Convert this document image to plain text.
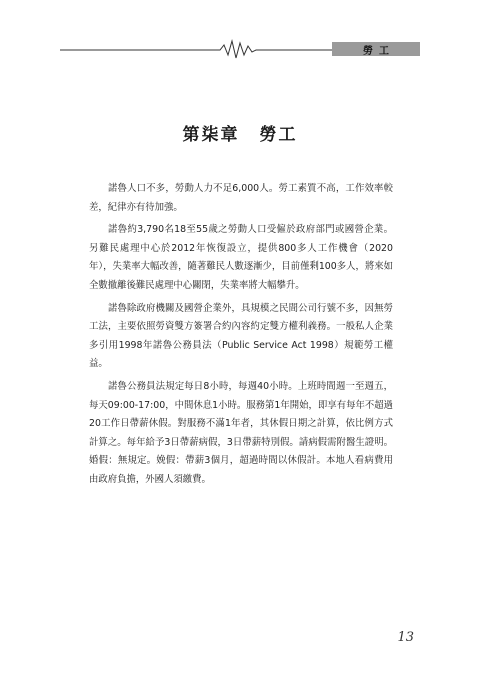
勞工
第柒章 勞工

諾魯人口不多，勞動人力不足6,000人。勞工素質不高，工作效率較差，紀律亦有待加強。

諾魯約3,790名18至55歲之勞動人口受僱於政府部門或國營企業。另難民處理中心於2012年恢復設立，提供800多人工作機會（2020年），失業率大幅改善，隨著難民人數逐漸少，目前僅剩100多人，將來如全數撤離後難民處理中心關閉，失業率將大幅攀升。

諾魯除政府機關及國營企業外，具規模之民間公司行號不多，因無勞工法，主要依照勞資雙方簽署合約內容約定雙方權利義務。一般私人企業多引用1998年諾魯公務員法（Public Service Act 1998）規範勞工權益。

諾魯公務員法規定每日8小時，每週40小時。上班時間週一至週五，每天09:00-17:00，中間休息1小時。服務第1年開始，即享有每年不超過20工作日帶薪休假。對服務不滿1年者，其休假日期之計算，依比例方式計算之。每年給予3日帶薪病假，3日帶薪特別假。請病假需附醫生證明。婚假：無規定。娩假：帶薪3個月，超過時間以休假計。本地人看病費用由政府負擔，外國人須繳費。

13
